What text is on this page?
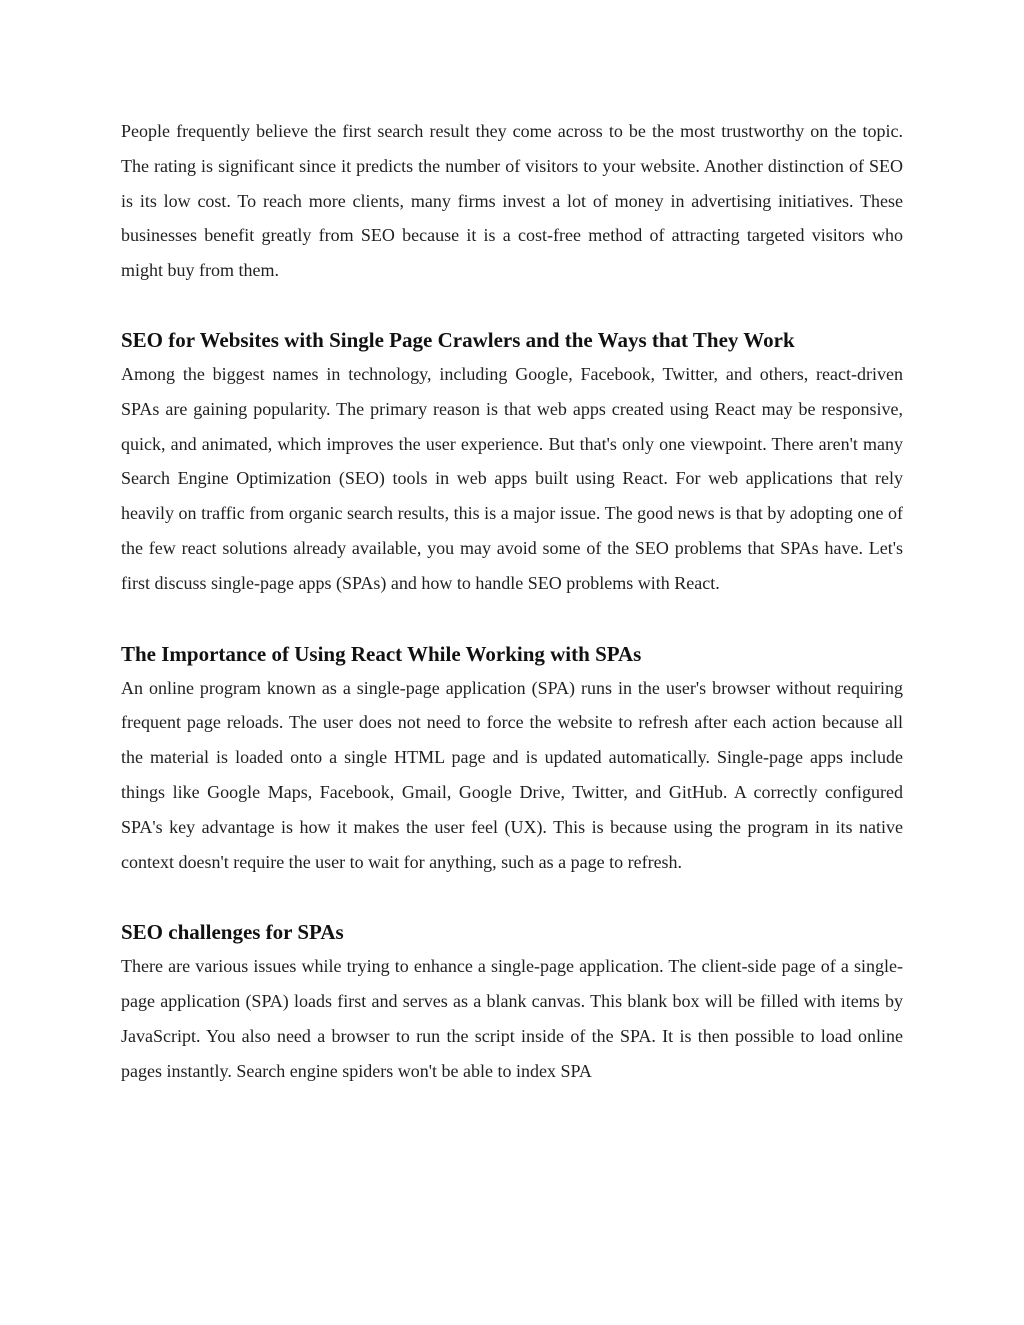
People frequently believe the first search result they come across to be the most trustworthy on the topic. The rating is significant since it predicts the number of visitors to your website. Another distinction of SEO is its low cost. To reach more clients, many firms invest a lot of money in advertising initiatives. These businesses benefit greatly from SEO because it is a cost-free method of attracting targeted visitors who might buy from them.

SEO for Websites with Single Page Crawlers and the Ways that They Work

Among the biggest names in technology, including Google, Facebook, Twitter, and others, react-driven SPAs are gaining popularity. The primary reason is that web apps created using React may be responsive, quick, and animated, which improves the user experience. But that's only one viewpoint. There aren't many Search Engine Optimization (SEO) tools in web apps built using React. For web applications that rely heavily on traffic from organic search results, this is a major issue. The good news is that by adopting one of the few react solutions already available, you may avoid some of the SEO problems that SPAs have. Let's first discuss single-page apps (SPAs) and how to handle SEO problems with React.

The Importance of Using React While Working with SPAs

An online program known as a single-page application (SPA) runs in the user's browser without requiring frequent page reloads. The user does not need to force the website to refresh after each action because all the material is loaded onto a single HTML page and is updated automatically. Single-page apps include things like Google Maps, Facebook, Gmail, Google Drive, Twitter, and GitHub. A correctly configured SPA's key advantage is how it makes the user feel (UX). This is because using the program in its native context doesn't require the user to wait for anything, such as a page to refresh.

SEO challenges for SPAs

There are various issues while trying to enhance a single-page application. The client-side page of a single-page application (SPA) loads first and serves as a blank canvas. This blank box will be filled with items by JavaScript. You also need a browser to run the script inside of the SPA. It is then possible to load online pages instantly. Search engine spiders won't be able to index SPA
